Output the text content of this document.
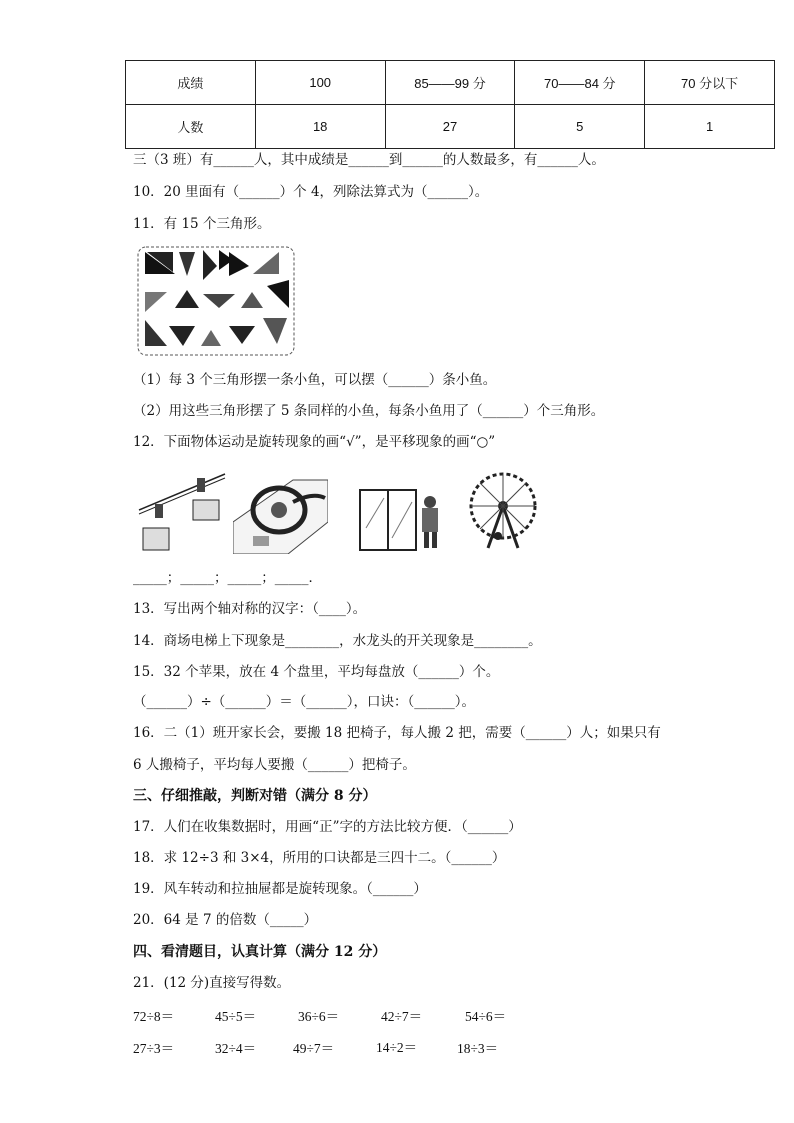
成绩	100	85——99 分	70——84 分	70 分以下
人数	18	27	5	1
三（3 班）有______人，其中成绩是______到______的人数最多，有______人。
10．20 里面有（______）个 4，列除法算式为（______）。
11．有 15 个三角形。
（1）每 3 个三角形摆一条小鱼，可以摆（______）条小鱼。
（2）用这些三角形摆了 5 条同样的小鱼，每条小鱼用了（______）个三角形。
12．下面物体运动是旋转现象的画“√”，是平移现象的画“○”
_____；_____；_____；_____．
13．写出两个轴对称的汉字：（____）。
14．商场电梯上下现象是________，水龙头的开关现象是________。
15．32 个苹果，放在 4 个盘里，平均每盘放（______）个。
（______）÷（______）＝（______），口诀：（______）。
16．二（1）班开家长会，要搬 18 把椅子，每人搬 2 把，需要（______）人；如果只有
6 人搬椅子，平均每人要搬（______）把椅子。
三、仔细推敲，判断对错（满分 8 分）
17．人们在收集数据时，用画“正”字的方法比较方便．（______）
18．求 12÷3 和 3×4，所用的口诀都是三四十二。（______）
19．风车转动和拉抽屉都是旋转现象。（______）
20．64 是 7 的倍数（_____）
四、看清题目，认真计算（满分 12 分）
21．(12 分)直接写得数。
72÷8＝	45÷5＝	36÷6＝	42÷7＝	54÷6＝
27÷3＝	32÷4＝	49÷7＝	14÷2＝	18÷3＝
